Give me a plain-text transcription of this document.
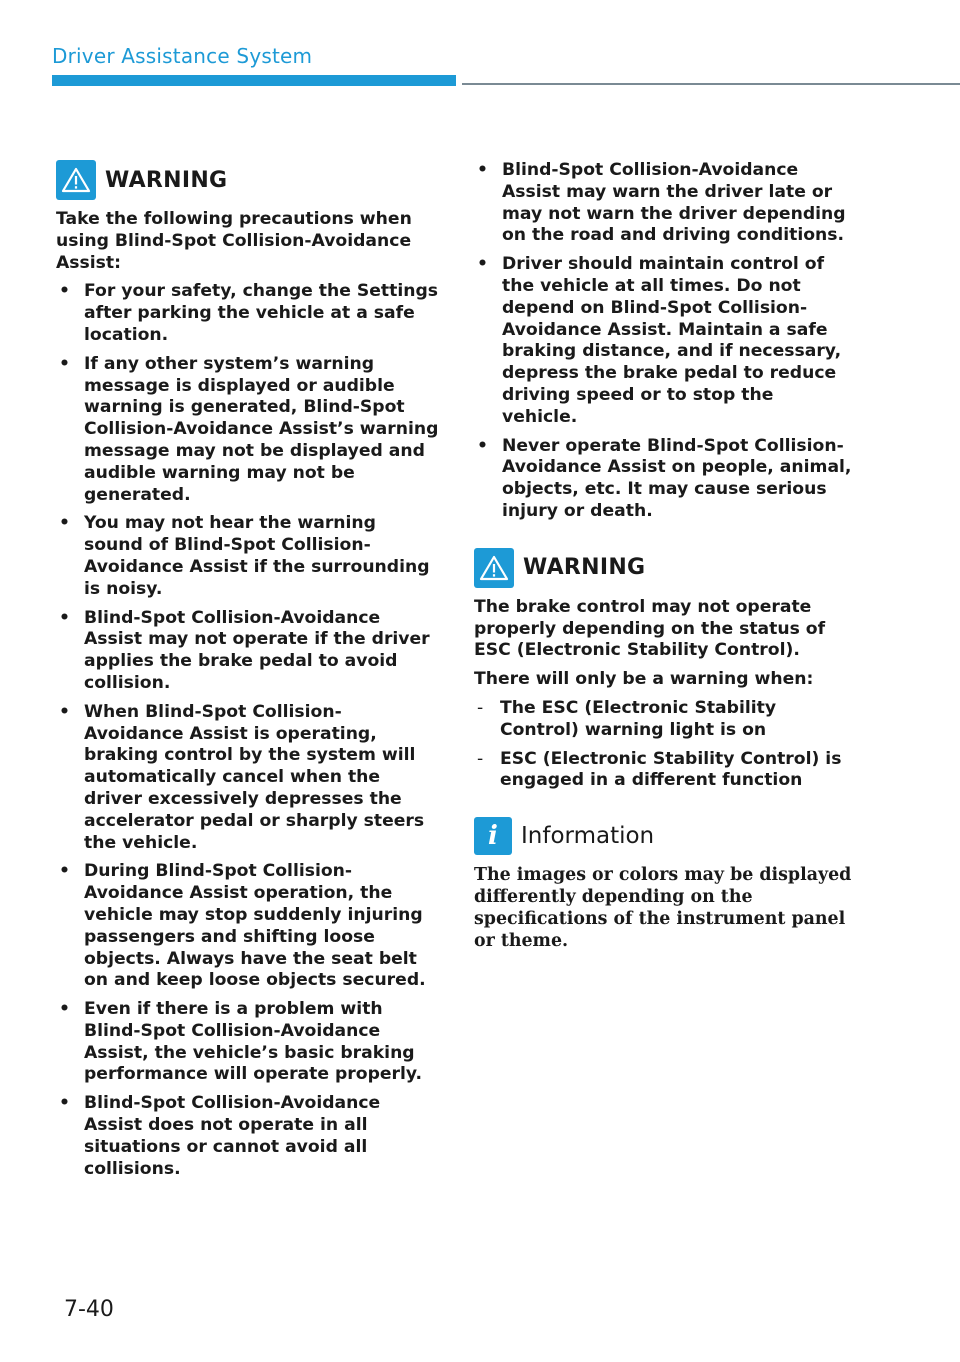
Driver Assistance System
WARNING

Take the following precautions when using Blind-Spot Collision-Avoidance Assist:

• For your safety, change the Settings after parking the vehicle at a safe location.
• If any other system’s warning message is displayed or audible warning is generated, Blind-Spot Collision-Avoidance Assist’s warning message may not be displayed and audible warning may not be generated.
• You may not hear the warning sound of Blind-Spot Collision-Avoidance Assist if the surrounding is noisy.
• Blind-Spot Collision-Avoidance Assist may not operate if the driver applies the brake pedal to avoid collision.
• When Blind-Spot Collision-Avoidance Assist is operating, braking control by the system will automatically cancel when the driver excessively depresses the accelerator pedal or sharply steers the vehicle.
• During Blind-Spot Collision-Avoidance Assist operation, the vehicle may stop suddenly injuring passengers and shifting loose objects. Always have the seat belt on and keep loose objects secured.
• Even if there is a problem with Blind-Spot Collision-Avoidance Assist, the vehicle’s basic braking performance will operate properly.
• Blind-Spot Collision-Avoidance Assist does not operate in all situations or cannot avoid all collisions.
• Blind-Spot Collision-Avoidance Assist may warn the driver late or may not warn the driver depending on the road and driving conditions.
• Driver should maintain control of the vehicle at all times. Do not depend on Blind-Spot Collision-Avoidance Assist. Maintain a safe braking distance, and if necessary, depress the brake pedal to reduce driving speed or to stop the vehicle.
• Never operate Blind-Spot Collision-Avoidance Assist on people, animal, objects, etc. It may cause serious injury or death.
WARNING

The brake control may not operate properly depending on the status of ESC (Electronic Stability Control).

There will only be a warning when:

- The ESC (Electronic Stability Control) warning light is on
- ESC (Electronic Stability Control) is engaged in a different function
i	Information
The images or colors may be displayed differently depending on the specifications of the instrument panel or theme.
7-40
